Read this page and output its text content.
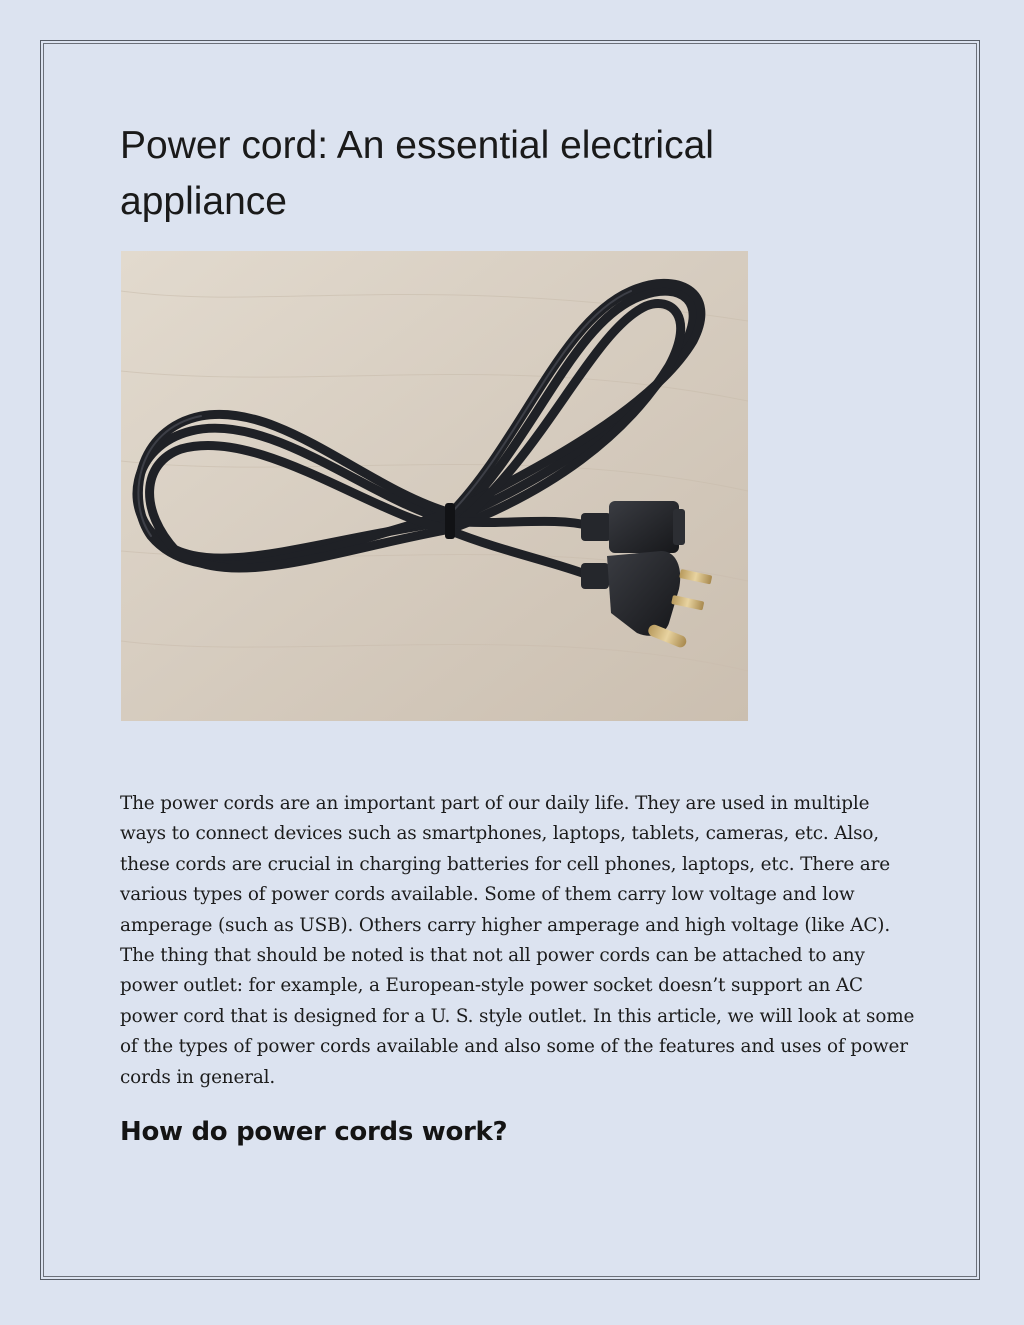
Power cord: An essential electrical appliance

The power cords are an important part of our daily life. They are used in multiple ways to connect devices such as smartphones, laptops, tablets, cameras, etc. Also, these cords are crucial in charging batteries for cell phones, laptops, etc. There are various types of power cords available. Some of them carry low voltage and low amperage (such as USB). Others carry higher amperage and high voltage (like AC). The thing that should be noted is that not all power cords can be attached to any power outlet: for example, a European-style power socket doesn’t support an AC power cord that is designed for a U. S. style outlet. In this article, we will look at some of the types of power cords available and also some of the features and uses of power cords in general.

How do power cords work?
